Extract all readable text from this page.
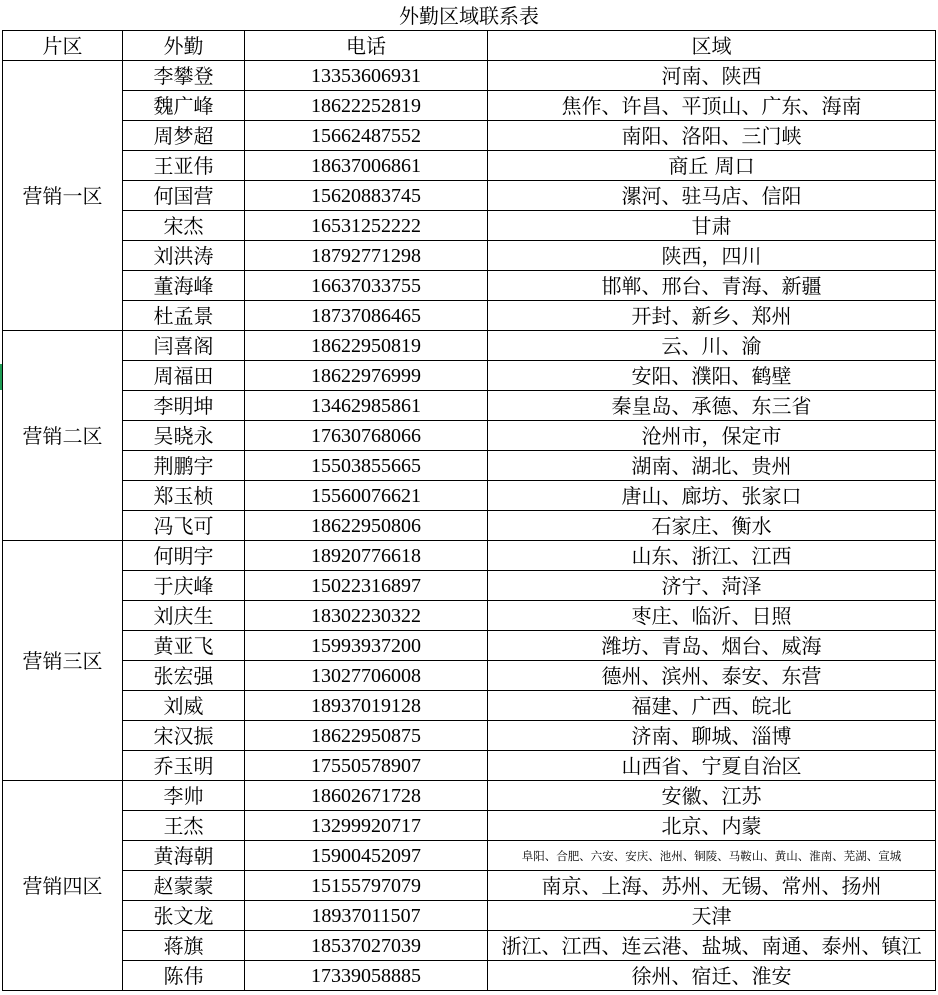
外勤区域联系表			
片区	外勤	电话	区域
营销一区	李攀登	13353606931	河南、陕西
	魏广峰	18622252819	焦作、许昌、平顶山、广东、海南
	周梦超	15662487552	南阳、洛阳、三门峡
	王亚伟	18637006861	商丘 周口
	何国营	15620883745	漯河、驻马店、信阳
	宋杰	16531252222	甘肃
	刘洪涛	18792771298	陕西，四川
	董海峰	16637033755	邯郸、邢台、青海、新疆
	杜孟景	18737086465	开封、新乡、郑州
营销二区	闫喜阁	18622950819	云、川、渝
	周福田	18622976999	安阳、濮阳、鹤壁
	李明坤	13462985861	秦皇岛、承德、东三省
	吴晓永	17630768066	沧州市，保定市
	荆鹏宇	15503855665	湖南、湖北、贵州
	郑玉桢	15560076621	唐山、廊坊、张家口
	冯飞可	18622950806	石家庄、衡水
营销三区	何明宇	18920776618	山东、浙江、江西
	于庆峰	15022316897	济宁、菏泽
	刘庆生	18302230322	枣庄、临沂、日照
	黄亚飞	15993937200	潍坊、青岛、烟台、威海
	张宏强	13027706008	德州、滨州、泰安、东营
	刘威	18937019128	福建、广西、皖北
	宋汉振	18622950875	济南、聊城、淄博
	乔玉明	17550578907	山西省、宁夏自治区
营销四区	李帅	18602671728	安徽、江苏
	王杰	13299920717	北京、内蒙
	黄海朝	15900452097	阜阳、合肥、六安、安庆、池州、铜陵、马鞍山、黄山、淮南、芜湖、宣城
	赵蒙蒙	15155797079	南京、上海、苏州、无锡、常州、扬州
	张文龙	18937011507	天津
	蒋旗	18537027039	浙江、江西、连云港、盐城、南通、泰州、镇江
	陈伟	17339058885	徐州、宿迁、淮安
